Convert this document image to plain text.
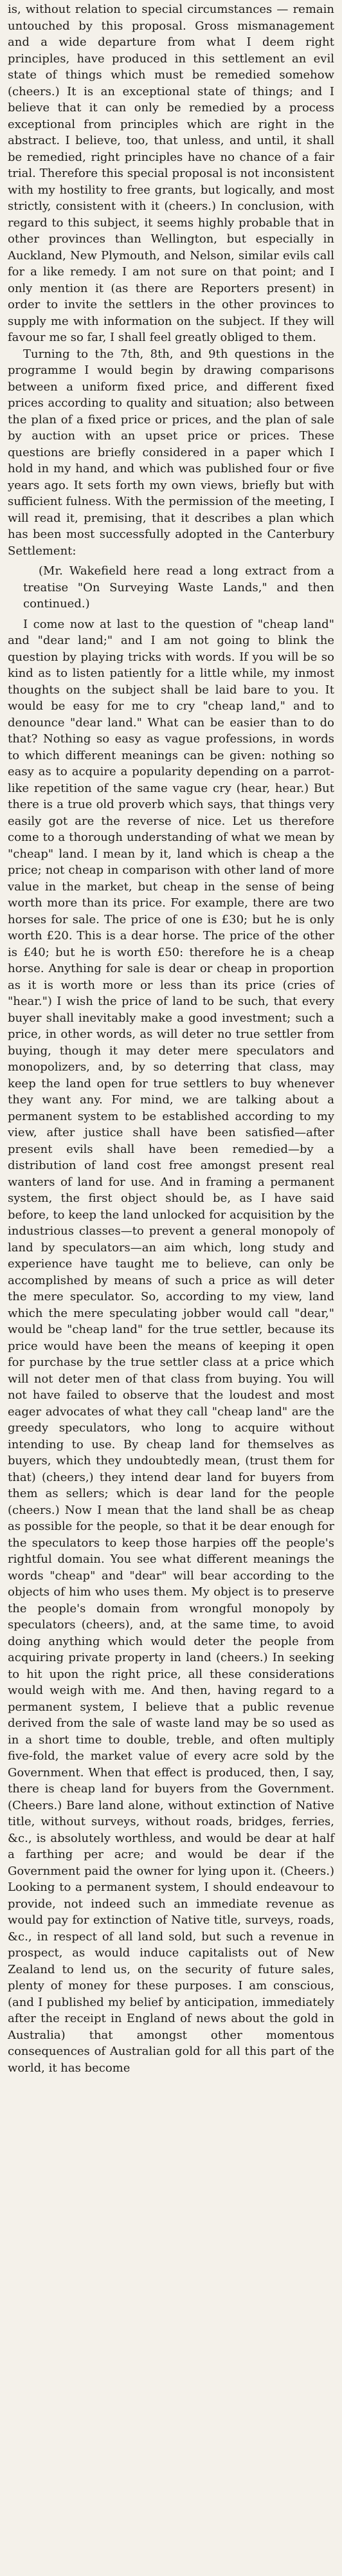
is, without relation to special circumstances — remain untouched by this proposal. Gross mismanagement and a wide departure from what I deem right principles, have produced in this settlement an evil state of things which must be remedied somehow (cheers.) It is an exceptional state of things; and I believe that it can only be remedied by a process exceptional from principles which are right in the abstract. I believe, too, that unless, and until, it shall be remedied, right principles have no chance of a fair trial. Therefore this special proposal is not inconsistent with my hostility to free grants, but logically, and most strictly, consistent with it (cheers.) In conclusion, with regard to this subject, it seems highly probable that in other provinces than Wellington, but especially in Auckland, New Plymouth, and Nelson, similar evils call for a like remedy. I am not sure on that point; and I only mention it (as there are Reporters present) in order to invite the settlers in the other provinces to supply me with information on the subject. If they will favour me so far, I shall feel greatly obliged to them.

Turning to the 7th, 8th, and 9th questions in the programme I would begin by drawing comparisons between a uniform fixed price, and different fixed prices according to quality and situation; also between the plan of a fixed price or prices, and the plan of sale by auction with an upset price or prices. These questions are briefly considered in a paper which I hold in my hand, and which was published four or five years ago. It sets forth my own views, briefly but with sufficient fulness. With the permission of the meeting, I will read it, premising, that it describes a plan which has been most successfully adopted in the Canterbury Settlement:

(Mr. Wakefield here read a long extract from a treatise "On Surveying Waste Lands," and then continued.)

I come now at last to the question of "cheap land" and "dear land;" and I am not going to blink the question by playing tricks with words. If you will be so kind as to listen patiently for a little while, my inmost thoughts on the subject shall be laid bare to you. It would be easy for me to cry "cheap land," and to denounce "dear land." What can be easier than to do that? Nothing so easy as vague professions, in words to which different meanings can be given: nothing so easy as to acquire a popularity depending on a parrot-like repetition of the same vague cry (hear, hear.) But there is a true old proverb which says, that things very easily got are the reverse of nice. Let us therefore come to a thorough understanding of what we mean by "cheap" land. I mean by it, land which is cheap a the price; not cheap in comparison with other land of more value in the market, but cheap in the sense of being worth more than its price. For example, there are two horses for sale. The price of one is £30; but he is only worth £20. This is a dear horse. The price of the other is £40; but he is worth £50: therefore he is a cheap horse. Anything for sale is dear or cheap in proportion as it is worth more or less than its price (cries of "hear.") I wish the price of land to be such, that every buyer shall inevitably make a good investment; such a price, in other words, as will deter no true settler from buying, though it may deter mere speculators and monopolizers, and, by so deterring that class, may keep the land open for true settlers to buy whenever they want any. For mind, we are talking about a permanent system to be established according to my view, after justice shall have been satisfied—after present evils shall have been remedied—by a distribution of land cost free amongst present real wanters of land for use. And in framing a permanent system, the first object should be, as I have said before, to keep the land unlocked for acquisition by the industrious classes—to prevent a general monopoly of land by speculators—an aim which, long study and experience have taught me to believe, can only be accomplished by means of such a price as will deter the mere speculator. So, according to my view, land which the mere speculating jobber would call "dear," would be "cheap land" for the true settler, because its price would have been the means of keeping it open for purchase by the true settler class at a price which will not deter men of that class from buying. You will not have failed to observe that the loudest and most eager advocates of what they call "cheap land" are the greedy speculators, who long to acquire without intending to use. By cheap land for themselves as buyers, which they undoubtedly mean, (trust them for that) (cheers,) they intend dear land for buyers from them as sellers; which is dear land for the people (cheers.) Now I mean that the land shall be as cheap as possible for the people, so that it be dear enough for the speculators to keep those harpies off the people's rightful domain. You see what different meanings the words "cheap" and "dear" will bear according to the objects of him who uses them. My object is to preserve the people's domain from wrongful monopoly by speculators (cheers), and, at the same time, to avoid doing anything which would deter the people from acquiring private property in land (cheers.) In seeking to hit upon the right price, all these considerations would weigh with me. And then, having regard to a permanent system, I believe that a public revenue derived from the sale of waste land may be so used as in a short time to double, treble, and often multiply five-fold, the market value of every acre sold by the Government. When that effect is produced, then, I say, there is cheap land for buyers from the Government. (Cheers.) Bare land alone, without extinction of Native title, without surveys, without roads, bridges, ferries, &c., is absolutely worthless, and would be dear at half a farthing per acre; and would be dear if the Government paid the owner for lying upon it. (Cheers.) Looking to a permanent system, I should endeavour to provide, not indeed such an immediate revenue as would pay for extinction of Native title, surveys, roads, &c., in respect of all land sold, but such a revenue in prospect, as would induce capitalists out of New Zealand to lend us, on the security of future sales, plenty of money for these purposes. I am conscious, (and I published my belief by anticipation, immediately after the receipt in England of news about the gold in Australia) that amongst other momentous consequences of Australian gold for all this part of the world, it has become
